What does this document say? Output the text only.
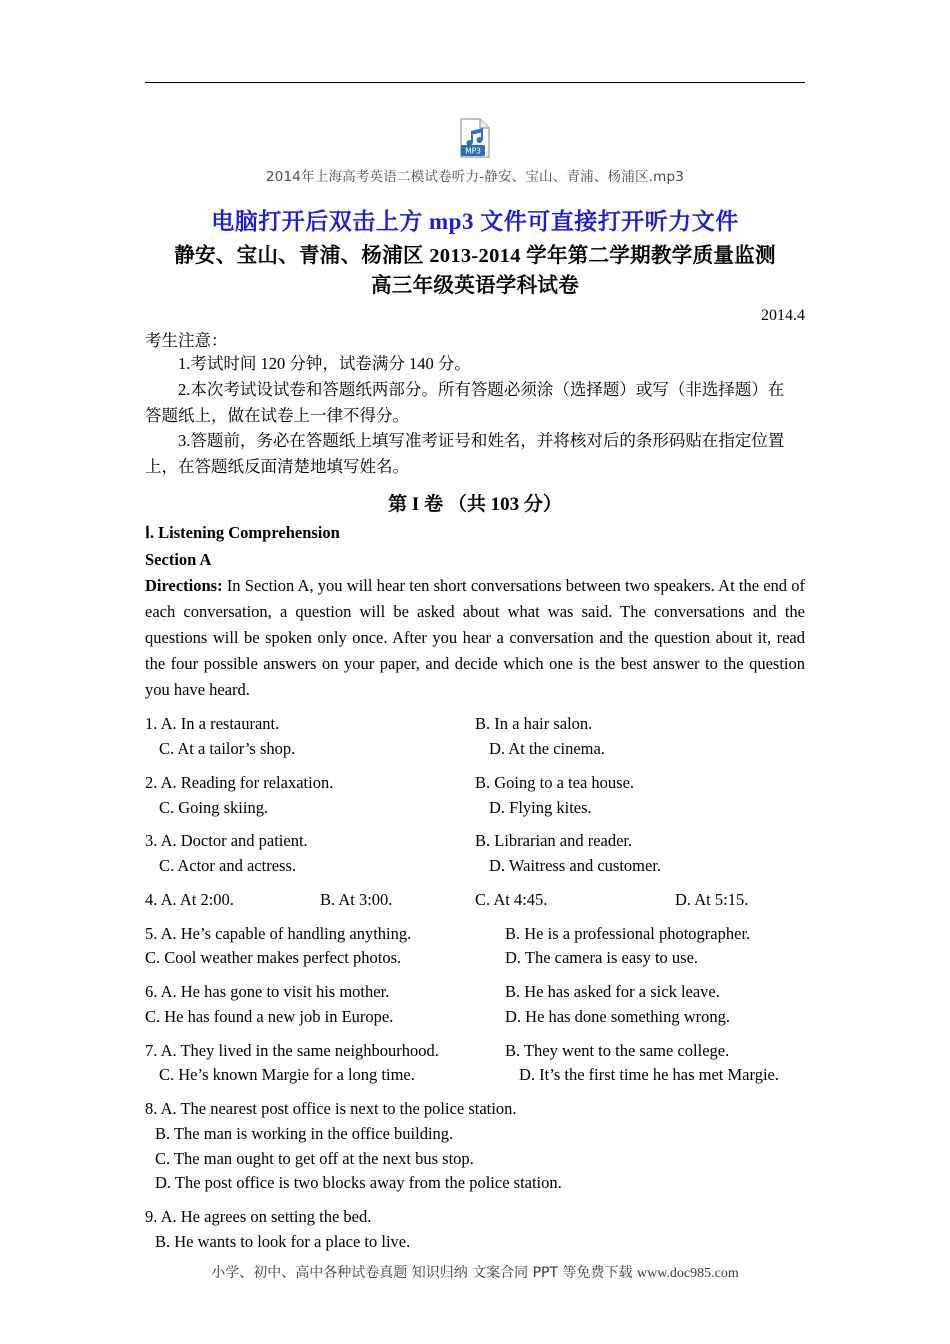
MP3
2014年上海高考英语二模试卷听力-静安、宝山、青浦、杨浦区.mp3
电脑打开后双击上方 mp3 文件可直接打开听力文件
静安、宝山、青浦、杨浦区 2013-2014 学年第二学期教学质量监测
高三年级英语学科试卷
2014.4
考生注意：
1.考试时间 120 分钟，试卷满分 140 分。
2.本次考试设试卷和答题纸两部分。所有答题必须涂（选择题）或写（非选择题）在
答题纸上，做在试卷上一律不得分。
3.答题前，务必在答题纸上填写准考证号和姓名，并将核对后的条形码贴在指定位置
上，在答题纸反面清楚地填写姓名。
第 I 卷 （共 103 分）
Ⅰ. Listening Comprehension
Section A

Directions: In Section A, you will hear ten short conversations between two speakers. At the end of each conversation, a question will be asked about what was said. The conversations and the questions will be spoken only once. After you hear a conversation and the question about it, read the four possible answers on your paper, and decide which one is the best answer to the question you have heard.

1. A. In a restaurant.	B. In a hair salon.
C. At a tailor’s shop.	D. At the cinema.
2. A. Reading for relaxation.	B. Going to a tea house.
C. Going skiing.	D. Flying kites.
3. A. Doctor and patient.	B. Librarian and reader.
C. Actor and actress.	D. Waitress and customer.
4. A. At 2:00.	B. At 3:00.	C. At 4:45.	D. At 5:15.
5. A. He’s capable of handling anything.	B. He is a professional photographer.
C. Cool weather makes perfect photos.	D. The camera is easy to use.
6. A. He has gone to visit his mother.	B. He has asked for a sick leave.
C. He has found a new job in Europe.	D. He has done something wrong.
7. A. They lived in the same neighbourhood.	B. They went to the same college.
C. He’s known Margie for a long time.	D. It’s the first time he has met Margie.
8. A. The nearest post office is next to the police station.
B. The man is working in the office building.
C. The man ought to get off at the next bus stop.
D. The post office is two blocks away from the police station.
9. A. He agrees on setting the bed.
B. He wants to look for a place to live.
小学、初中、高中各种试卷真题 知识归纳 文案合同 PPT 等免费下载 www.doc985.com
